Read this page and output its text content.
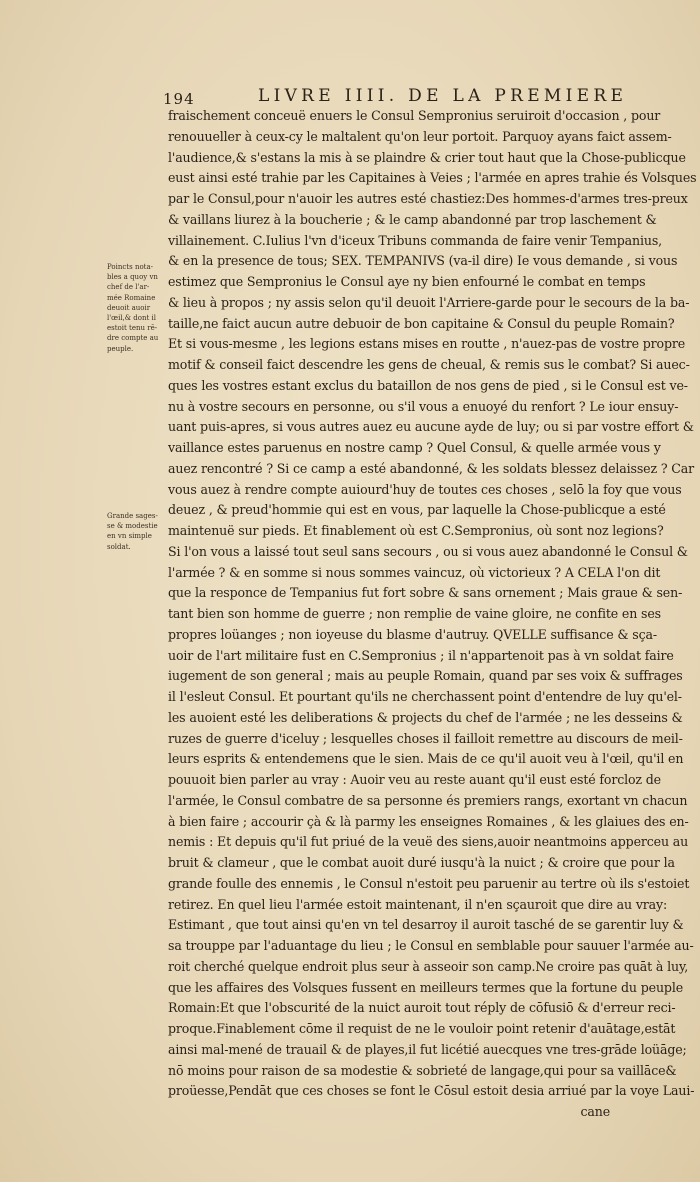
194	LIVRE IIII. DE LA PREMIERE
Poincts nota-
bles a quoy vn
chef de l'ar-
mée Romaine
deuoit auoir
l'œil,& dont il
estoit tenu rē-
dre compte au
peuple.
Grande sages-
se & modestie
en vn simple
soldat.
fraischement conceuë enuers le Consul Sempronius seruiroit d'occasion , pour
renouueller à ceux-cy le maltalent qu'on leur portoit. Parquoy ayans faict assem-
l'audience,& s'estans la mis à se plaindre & crier tout haut que la Chose-publicque
eust ainsi esté trahie par les Capitaines à Veies ; l'armée en apres trahie és Volsques
par le Consul,pour n'auoir les autres esté chastiez:Des hommes-d'armes tres-preux
& vaillans liurez à la boucherie ; & le camp abandonné par trop laschement &
villainement. C.Iulius l'vn d'iceux Tribuns commanda de faire venir Tempanius,
& en la presence de tous; SEX. TEMPANIVS (va-il dire) Ie vous demande , si vous
estimez que Sempronius le Consul aye ny bien enfourné le combat en temps
& lieu à propos ; ny assis selon qu'il deuoit l'Arriere-garde pour le secours de la ba-
taille,ne faict aucun autre debuoir de bon capitaine & Consul du peuple Romain?
Et si vous-mesme , les legions estans mises en routte , n'auez-pas de vostre propre
motif & conseil faict descendre les gens de cheual, & remis sus le combat? Si auec-
ques les vostres estant exclus du bataillon de nos gens de pied , si le Consul est ve-
nu à vostre secours en personne, ou s'il vous a enuoyé du renfort ? Le iour ensuy-
uant puis-apres, si vous autres auez eu aucune ayde de luy; ou si par vostre effort &
vaillance estes paruenus en nostre camp ? Quel Consul, & quelle armée vous y
auez rencontré ? Si ce camp a esté abandonné, & les soldats blessez delaissez ? Car
vous auez à rendre compte auiourd'huy de toutes ces choses , selō la foy que vous
deuez , & preud'hommie qui est en vous, par laquelle la Chose-publicque a esté
maintenuë sur pieds. Et finablement où est C.Sempronius, où sont noz legions?
Si l'on vous a laissé tout seul sans secours , ou si vous auez abandonné le Consul &
l'armée ? & en somme si nous sommes vaincuz, où victorieux ? A CELA l'on dit
que la responce de Tempanius fut fort sobre & sans ornement ; Mais graue & sen-
tant bien son homme de guerre ; non remplie de vaine gloire, ne confite en ses
propres loüanges ; non ioyeuse du blasme d'autruy. QVELLE suffisance & sça-
uoir de l'art militaire fust en C.Sempronius ; il n'appartenoit pas à vn soldat faire
iugement de son general ; mais au peuple Romain, quand par ses voix & suffrages
il l'esleut Consul. Et pourtant qu'ils ne cherchassent point d'entendre de luy qu'el-
les auoient esté les deliberations & projects du chef de l'armée ; ne les desseins &
ruzes de guerre d'iceluy ; lesquelles choses il failloit remettre au discours de meil-
leurs esprits & entendemens que le sien. Mais de ce qu'il auoit veu à l'œil, qu'il en
pouuoit bien parler au vray : Auoir veu au reste auant qu'il eust esté forcloz de
l'armée, le Consul combatre de sa personne és premiers rangs, exortant vn chacun
à bien faire ; accourir çà & là parmy les enseignes Romaines , & les glaiues des en-
nemis : Et depuis qu'il fut priué de la veuë des siens,auoir neantmoins apperceu au
bruit & clameur , que le combat auoit duré iusqu'à la nuict ; & croire que pour la
grande foulle des ennemis , le Consul n'estoit peu paruenir au tertre où ils s'estoiet
retirez. En quel lieu l'armée estoit maintenant, il n'en sçauroit que dire au vray:
Estimant , que tout ainsi qu'en vn tel desarroy il auroit tasché de se garentir luy &
sa trouppe par l'aduantage du lieu ; le Consul en semblable pour sauuer l'armée au-
roit cherché quelque endroit plus seur à asseoir son camp.Ne croire pas quāt à luy,
que les affaires des Volsques fussent en meilleurs termes que la fortune du peuple
Romain:Et que l'obscurité de la nuict auroit tout réply de cōfusiō & d'erreur reci-
proque.Finablement cōme il requist de ne le vouloir point retenir d'auātage,estāt
ainsi mal-mené de trauail & de playes,il fut licétié auecques vne tres-grāde loüāge;
nō moins pour raison de sa modestie & sobrieté de langage,qui pour sa vaillāce&
proüesse,Pendāt que ces choses se font le Cōsul estoit desia arriué par la voye Laui-
cane
